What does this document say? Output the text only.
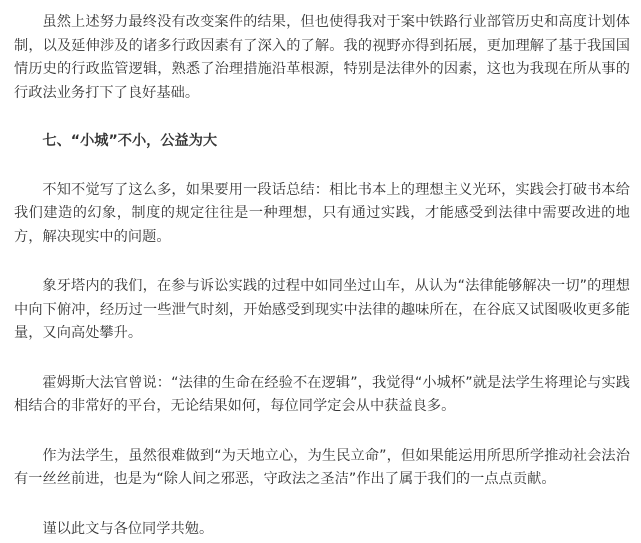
虽然上述努力最终没有改变案件的结果，但也使得我对于案中铁路行业部管历史和高度计划体制，以及延伸涉及的诸多行政因素有了深入的了解。我的视野亦得到拓展，更加理解了基于我国国情历史的行政监管逻辑，熟悉了治理措施沿革根源，特别是法律外的因素，这也为我现在所从事的行政法业务打下了良好基础。

七、“小城”不小，公益为大

不知不觉写了这么多，如果要用一段话总结：相比书本上的理想主义光环，实践会打破书本给我们建造的幻象，制度的规定往往是一种理想，只有通过实践，才能感受到法律中需要改进的地方，解决现实中的问题。

象牙塔内的我们，在参与诉讼实践的过程中如同坐过山车，从认为“法律能够解决一切”的理想中向下俯冲，经历过一些泄气时刻，开始感受到现实中法律的趣味所在，在谷底又试图吸收更多能量，又向高处攀升。

霍姆斯大法官曾说：“法律的生命在经验不在逻辑”，我觉得“小城杯”就是法学生将理论与实践相结合的非常好的平台，无论结果如何，每位同学定会从中获益良多。

作为法学生，虽然很难做到“为天地立心，为生民立命”，但如果能运用所思所学推动社会法治有一丝丝前进，也是为“除人间之邪恶，守政法之圣洁”作出了属于我们的一点点贡献。

谨以此文与各位同学共勉。
